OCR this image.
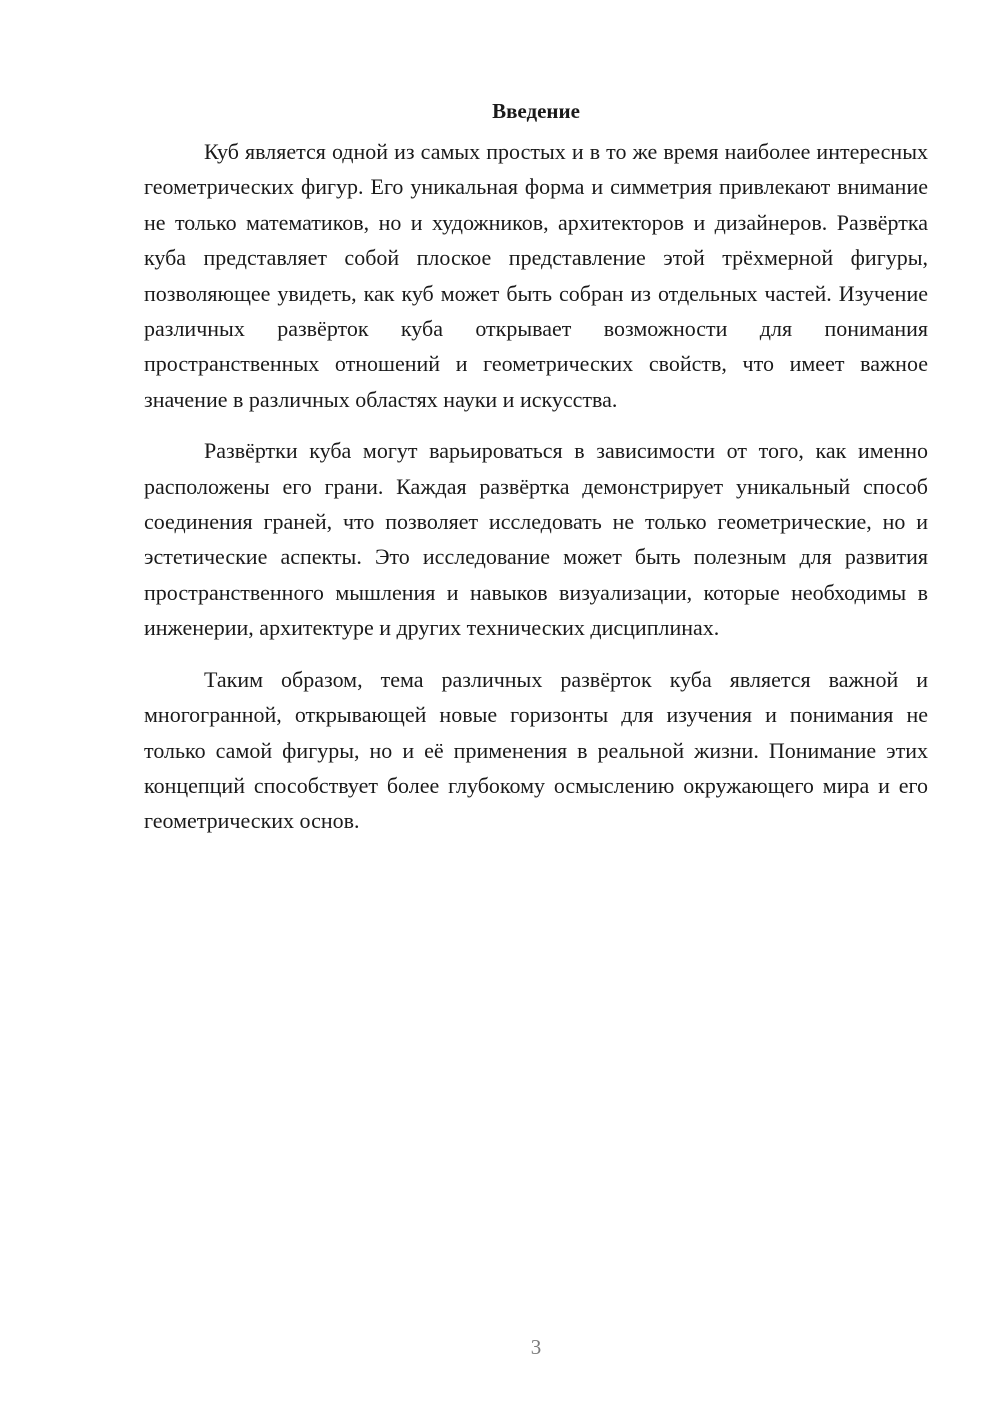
Введение

Куб является одной из самых простых и в то же время наиболее интересных геометрических фигур. Его уникальная форма и симметрия привлекают внимание не только математиков, но и художников, архитекторов и дизайнеров. Развёртка куба представляет собой плоское представление этой трёхмерной фигуры, позволяющее увидеть, как куб может быть собран из отдельных частей. Изучение различных развёрток куба открывает возможности для понимания пространственных отношений и геометрических свойств, что имеет важное значение в различных областях науки и искусства.

Развёртки куба могут варьироваться в зависимости от того, как именно расположены его грани. Каждая развёртка демонстрирует уникальный способ соединения граней, что позволяет исследовать не только геометрические, но и эстетические аспекты. Это исследование может быть полезным для развития пространственного мышления и навыков визуализации, которые необходимы в инженерии, архитектуре и других технических дисциплинах.

Таким образом, тема различных развёрток куба является важной и многогранной, открывающей новые горизонты для изучения и понимания не только самой фигуры, но и её применения в реальной жизни. Понимание этих концепций способствует более глубокому осмыслению окружающего мира и его геометрических основ.

3
